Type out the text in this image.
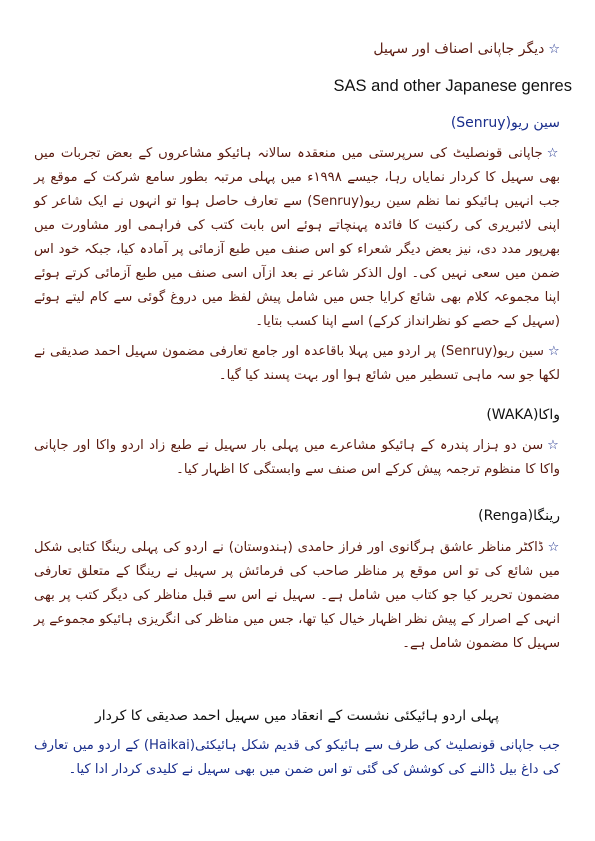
☆دیگر جاپانی اصناف اور سہیل
SAS and other Japanese genres
سین ریو(Senruy)
☆جاپانی قونصلیٹ کی سرپرستی میں منعقدہ سالانہ ہائیکو مشاعروں کے بعض تجربات میں بھی سہیل کا کردار نمایاں رہا، جیسے ۱۹۹۸ء میں پہلی مرتبہ بطور سامع شرکت کے موقع پر جب انہیں ہائیکو نما نظم سین ریو(Senruy) سے تعارف حاصل ہوا تو انہوں نے ایک شاعر کو اپنی لائبریری کی رکنیت کا فائدہ پہنچاتے ہوئے اس بابت کتب کی فراہمی اور مشاورت میں بھرپور مدد دی، نیز بعض دیگر شعراء کو اس صنف میں طبع آزمائی پر آمادہ کیا، جبکہ خود اس ضمن میں سعی نہیں کی۔ اول الذکر شاعر نے بعد ازآں اسی صنف میں طبع آزمائی کرتے ہوئے اپنا مجموعہ کلام بھی شائع کرایا جس میں شامل پیش لفظ میں دروغ گوئی سے کام لیتے ہوئے (سہیل کے حصے کو نظرانداز کرکے) اسے اپنا کسب بتایا۔
☆سین ریو(Senruy) پر اردو میں پہلا باقاعدہ اور جامع تعارفی مضمون سہیل احمد صدیقی نے لکھا جو سہ ماہی تسطیر میں شائع ہوا اور بہت پسند کیا گیا۔
واکا(WAKA)
☆سن دو ہزار پندرہ کے ہائیکو مشاعرے میں پہلی بار سہیل نے طبع زاد اردو واکا اور جاپانی واکا کا منظوم ترجمہ پیش کرکے اس صنف سے وابستگی کا اظہار کیا۔
رینگا(Renga)
☆ڈاکٹر مناظر عاشق ہرگانوی اور فراز حامدی (ہندوستان) نے اردو کی پہلی رینگا کتابی شکل میں شائع کی تو اس موقع پر مناظر صاحب کی فرمائش پر سہیل نے رینگا کے متعلق تعارفی مضمون تحریر کیا جو کتاب میں شامل ہے۔ سہیل نے اس سے قبل مناظر کی دیگر کتب پر بھی انہی کے اصرار کے پیش نظر اظہار خیال کیا تھا، جس میں مناظر کی انگریزی ہائیکو مجموعے پر سہیل کا مضمون شامل ہے۔
پہلی اردو ہائیکئی نشست کے انعقاد میں سہیل احمد صدیقی کا کردار
جب جاپانی قونصلیٹ کی طرف سے ہائیکو کی قدیم شکل ہائیکئی(Haikai) کے اردو میں تعارف کی داغ بیل ڈالنے کی کوشش کی گئی تو اس ضمن میں بھی سہیل نے کلیدی کردار ادا کیا۔
